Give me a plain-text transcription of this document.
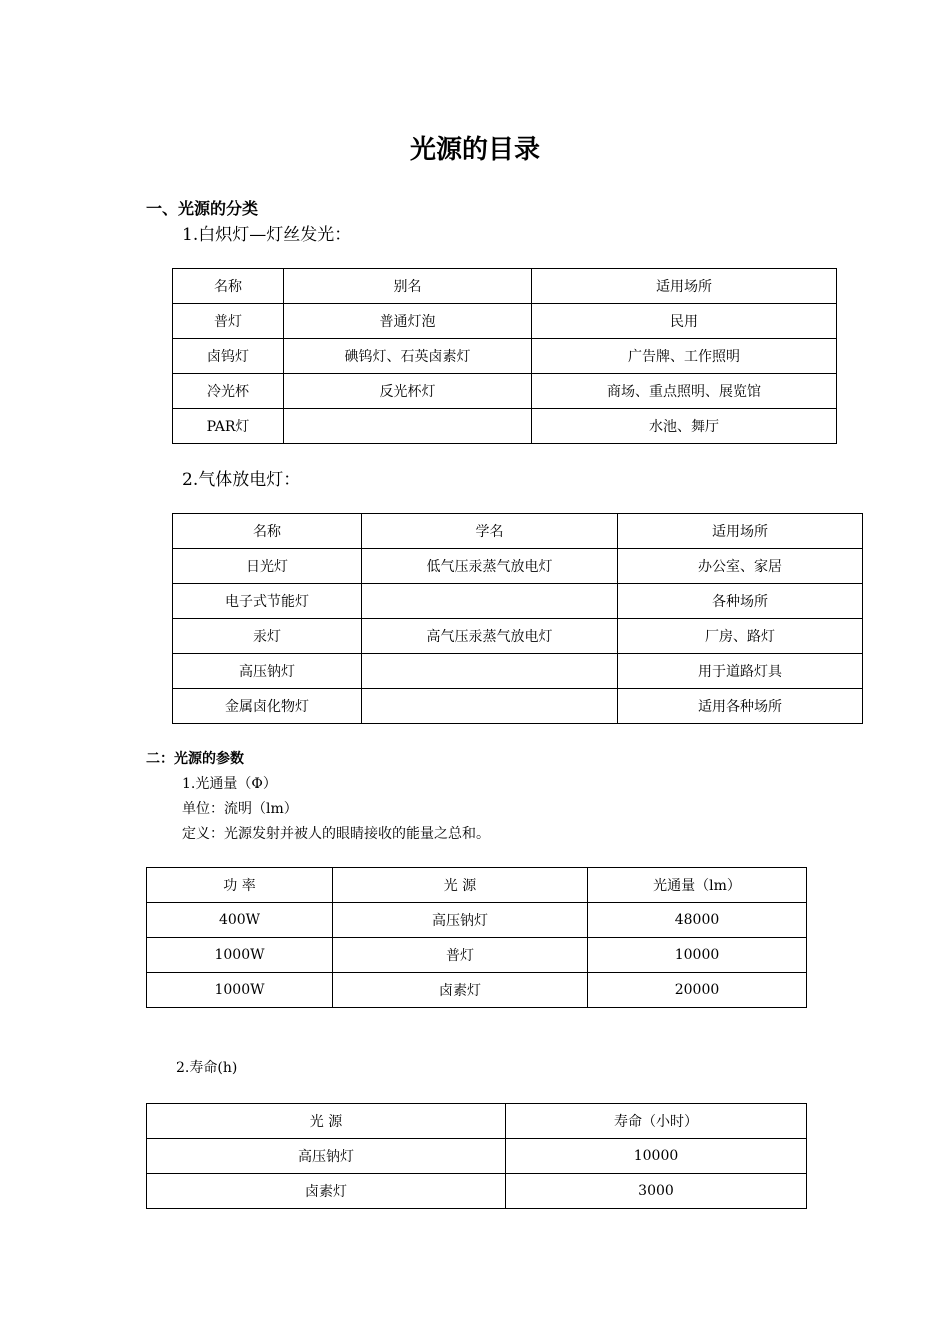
光源的目录
一、光源的分类
1.白炽灯—灯丝发光：
名称	别名	适用场所
普灯	普通灯泡	民用
卤钨灯	碘钨灯、石英卤素灯	广告牌、工作照明
冷光杯	反光杯灯	商场、重点照明、展览馆
PAR灯		水池、舞厅
2.气体放电灯：
名称	学名	适用场所
日光灯	低气压汞蒸气放电灯	办公室、家居
电子式节能灯		各种场所
汞灯	高气压汞蒸气放电灯	厂房、路灯
高压钠灯		用于道路灯具
金属卤化物灯		适用各种场所
二：光源的参数
1.光通量（Φ）
单位：流明（lm）
定义：光源发射并被人的眼睛接收的能量之总和。
功 率	光 源	光通量（lm）
400W	高压钠灯	48000
1000W	普灯	10000
1000W	卤素灯	20000
2.寿命(h)
光 源	寿命（小时）
高压钠灯	10000
卤素灯	3000
